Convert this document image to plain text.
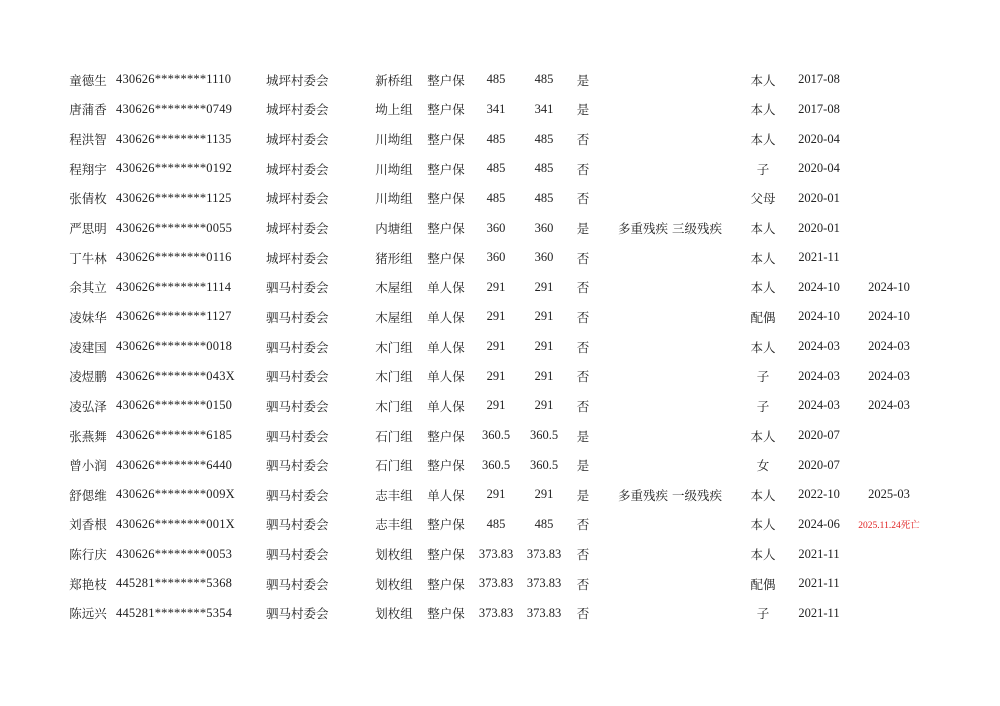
童德生	430626********1110	城坪村委会	新桥组	整户保	485	485	是		本人	2017-08	
唐蒲香	430626********0749	城坪村委会	坳上组	整户保	341	341	是		本人	2017-08	
程洪智	430626********1135	城坪村委会	川坳组	整户保	485	485	否		本人	2020-04	
程翔宇	430626********0192	城坪村委会	川坳组	整户保	485	485	否		子	2020-04	
张倩枚	430626********1125	城坪村委会	川坳组	整户保	485	485	否		父母	2020-01	
严思明	430626********0055	城坪村委会	内塘组	整户保	360	360	是	多重残疾 三级残疾	本人	2020-01	
丁牛林	430626********0116	城坪村委会	猪形组	整户保	360	360	否		本人	2021-11	
余其立	430626********1114	驷马村委会	木屋组	单人保	291	291	否		本人	2024-10	2024-10
凌妹华	430626********1127	驷马村委会	木屋组	单人保	291	291	否		配偶	2024-10	2024-10
凌建国	430626********0018	驷马村委会	木门组	单人保	291	291	否		本人	2024-03	2024-03
凌煜鹏	430626********043X	驷马村委会	木门组	单人保	291	291	否		子	2024-03	2024-03
凌弘泽	430626********0150	驷马村委会	木门组	单人保	291	291	否		子	2024-03	2024-03
张燕舞	430626********6185	驷马村委会	石门组	整户保	360.5	360.5	是		本人	2020-07	
曾小润	430626********6440	驷马村委会	石门组	整户保	360.5	360.5	是		女	2020-07	
舒偲维	430626********009X	驷马村委会	志丰组	单人保	291	291	是	多重残疾 一级残疾	本人	2022-10	2025-03
刘香根	430626********001X	驷马村委会	志丰组	整户保	485	485	否		本人	2024-06	2025.11.24死亡
陈行庆	430626********0053	驷马村委会	划枚组	整户保	373.83	373.83	否		本人	2021-11	
郑艳枝	445281********5368	驷马村委会	划枚组	整户保	373.83	373.83	否		配偶	2021-11	
陈远兴	445281********5354	驷马村委会	划枚组	整户保	373.83	373.83	否		子	2021-11	
